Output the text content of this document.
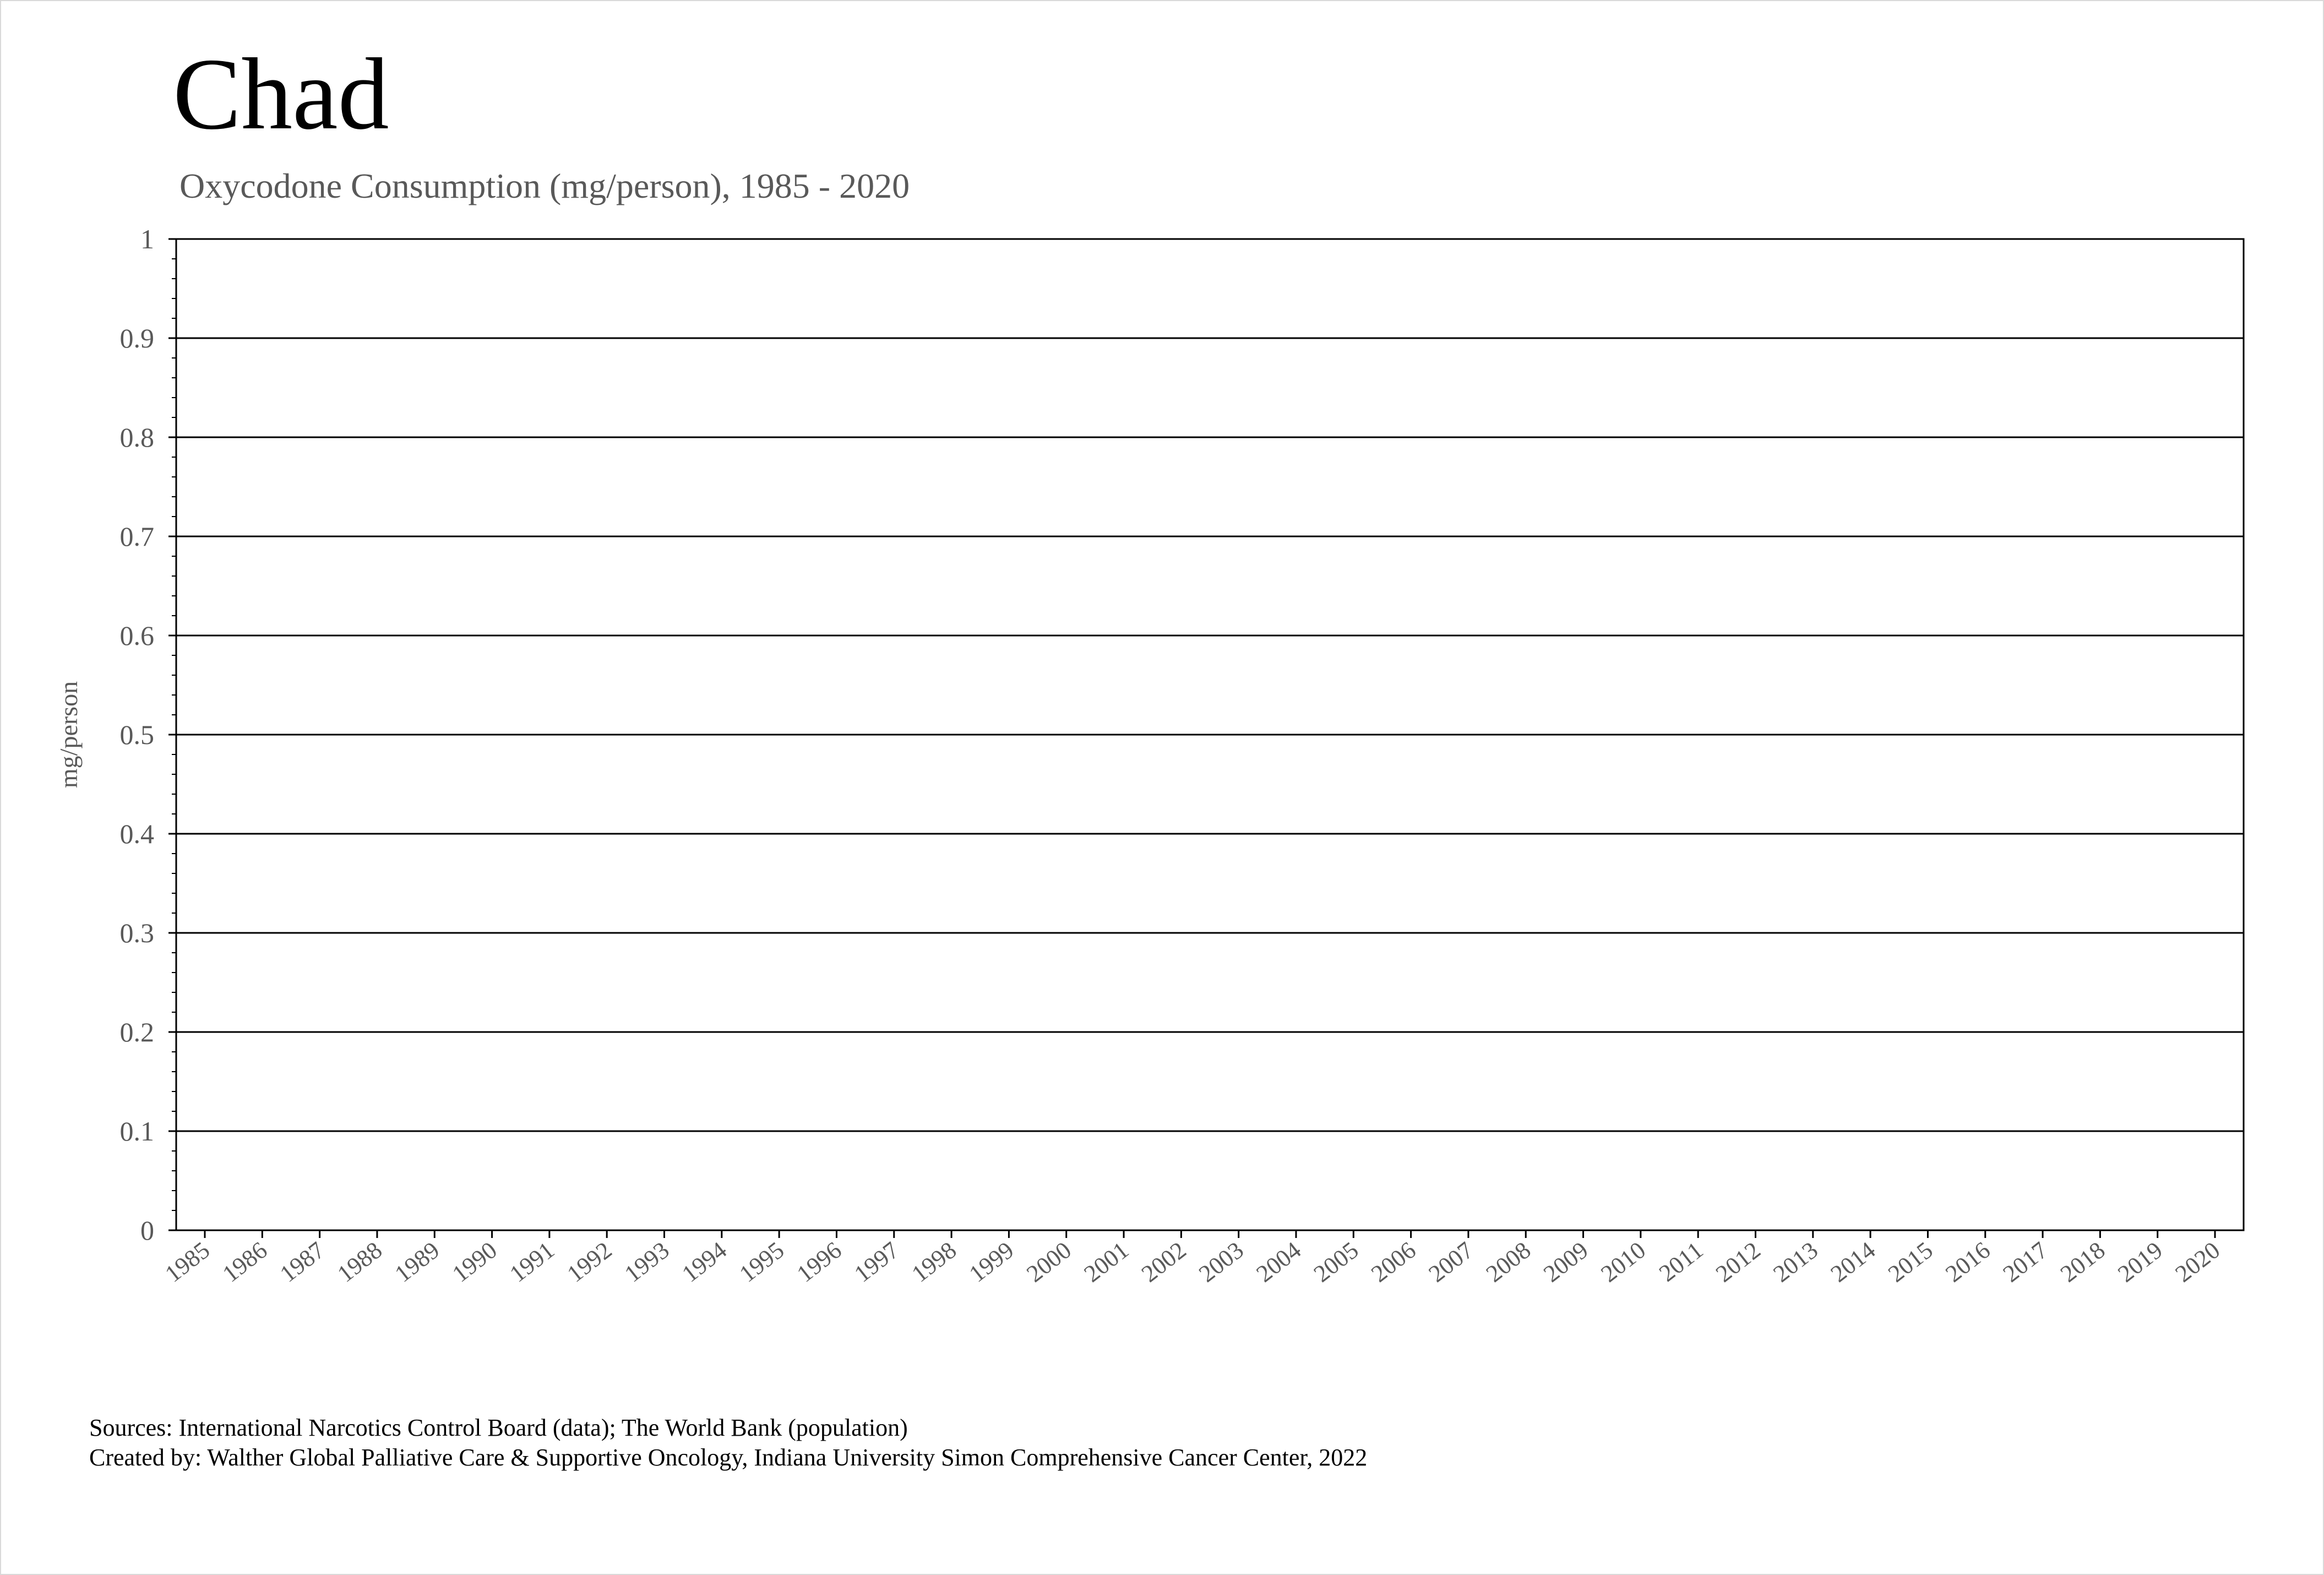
Chad
Oxycodone Consumption (mg/person), 1985 - 2020
0
0.1
0.2
0.3
0.4
0.5
0.6
0.7
0.8
0.9
1
1985 1986 1987 1988 1989 1990 1991 1992 1993 1994 1995 1996 1997 1998 1999 2000 2001 2002 2003 2004 2005 2006 2007 2008 2009 2010 2011 2012 2013 2014 2015 2016 2017 2018 2019 2020
mg/person
Sources: International Narcotics Control Board (data); The World Bank (population)
Created by: Walther Global Palliative Care & Supportive Oncology, Indiana University Simon Comprehensive Cancer Center, 2022
